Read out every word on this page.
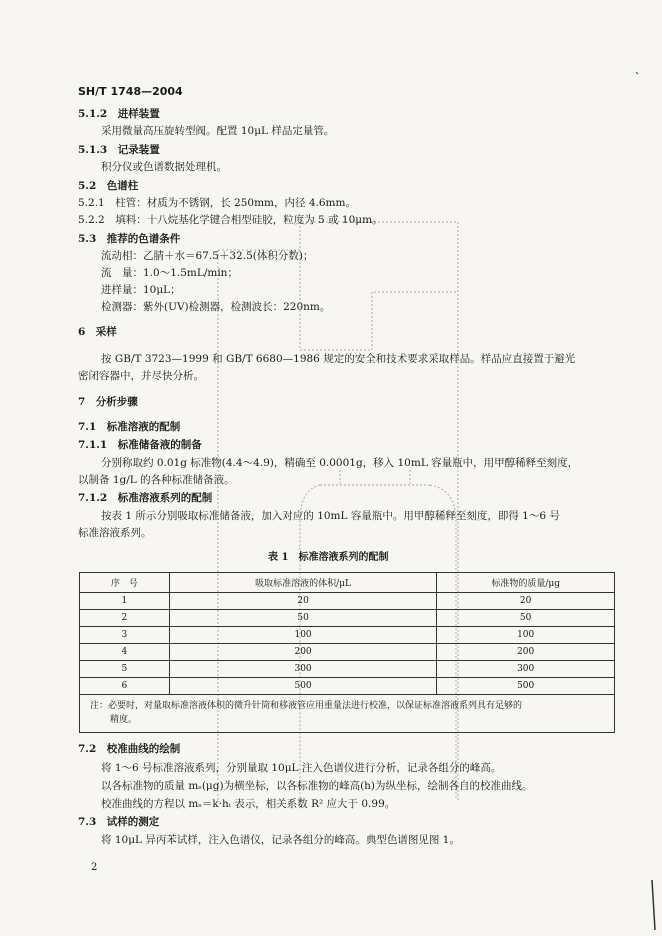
SH/T 1748—2004
5.1.2　进样装置
采用微量高压旋转型阀。配置 10μL 样品定量管。
5.1.3　记录装置
积分仪或色谱数据处理机。
5.2　色谱柱
5.2.1　柱管：材质为不锈钢，长 250mm，内径 4.6mm。
5.2.2　填料：十八烷基化学键合相型硅胶，粒度为 5 或 10μm。
5.3　推荐的色谱条件
流动相：乙腈＋水＝67.5＋32.5(体积分数)；
流　量：1.0～1.5mL/min；
进样量：10μL；
检测器：紫外(UV)检测器，检测波长：220nm。
6　采样
按 GB/T 3723—1999 和 GB/T 6680—1986 规定的安全和技术要求采取样品。样品应直接置于避光
密闭容器中，并尽快分析。
7　分析步骤
7.1　标准溶液的配制
7.1.1　标准储备液的制备
分别称取约 0.01g 标准物(4.4～4.9)，精确至 0.0001g，移入 10mL 容量瓶中，用甲醇稀释至刻度，
以制备 1g/L 的各种标准储备液。
7.1.2　标准溶液系列的配制
按表 1 所示分别吸取标准储备液，加入对应的 10mL 容量瓶中。用甲醇稀释至刻度，即得 1～6 号
标准溶液系列。
表 1　标准溶液系列的配制
序　号	吸取标准溶液的体积/μL	标准物的质量/μg
1	20	20
2	50	50
3	100	100
4	200	200
5	300	300
6	500	500

注：必要时，对量取标准溶液体积的微升针筒和移液管应用重量法进行校准，以保证标准溶液系列具有足够的
精度。		
7.2　校准曲线的绘制
将 1～6 号标准溶液系列，分别量取 10μL 注入色谱仪进行分析，记录各组分的峰高。
以各标准物的质量 mₛ(μg)为横坐标，以各标准物的峰高(h)为纵坐标，绘制各自的校准曲线。
校准曲线的方程以 mₛ＝k·hᵢ 表示，相关系数 R² 应大于 0.99。
7.3　试样的测定
将 10μL 异丙苯试样，注入色谱仪，记录各组分的峰高。典型色谱图见图 1。
2
